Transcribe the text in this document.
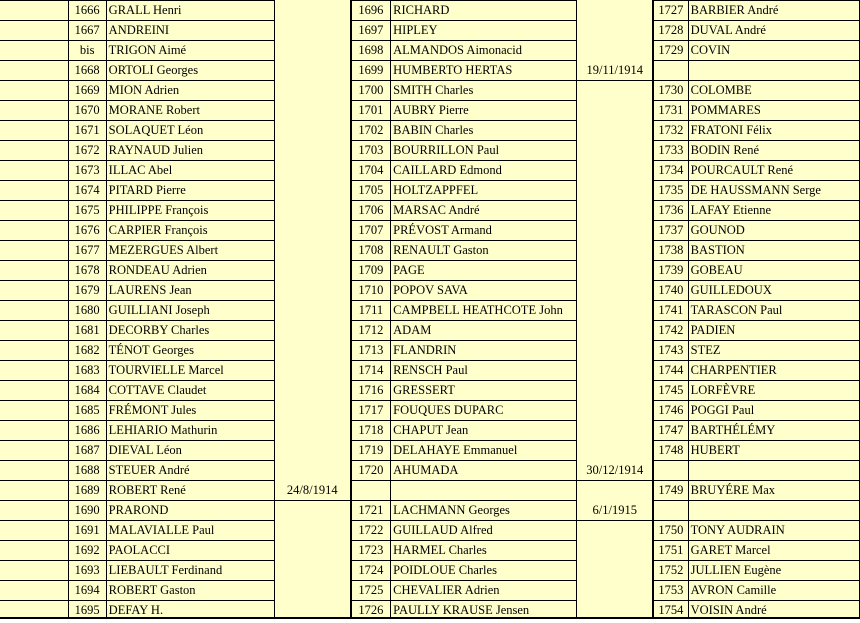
	1666	GRALL Henri		1696	RICHARD		1727	BARBIER André
	1667	ANDREINI		1697	HIPLEY		1728	DUVAL André
	bis	TRIGON Aimé		1698	ALMANDOS Aimonacid		1729	COVIN
	1668	ORTOLI Georges		1699	HUMBERTO HERTAS	19/11/1914		
	1669	MION Adrien		1700	SMITH Charles		1730	COLOMBE
	1670	MORANE Robert		1701	AUBRY Pierre		1731	POMMARES
	1671	SOLAQUET Léon		1702	BABIN Charles		1732	FRATONI Félix
	1672	RAYNAUD Julien		1703	BOURRILLON Paul		1733	BODIN René
	1673	ILLAC Abel		1704	CAILLARD Edmond		1734	POURCAULT René
	1674	PITARD Pierre		1705	HOLTZAPPFEL		1735	DE HAUSSMANN Serge
	1675	PHILIPPE François		1706	MARSAC André		1736	LAFAY Etienne
	1676	CARPIER François		1707	PRÉVOST Armand		1737	GOUNOD
	1677	MEZERGUES Albert		1708	RENAULT Gaston		1738	BASTION
	1678	RONDEAU Adrien		1709	PAGE		1739	GOBEAU
	1679	LAURENS Jean		1710	POPOV SAVA		1740	GUILLEDOUX
	1680	GUILLIANI Joseph		1711	CAMPBELL HEATHCOTE John		1741	TARASCON Paul
	1681	DECORBY Charles		1712	ADAM		1742	PADIEN
	1682	TÉNOT Georges		1713	FLANDRIN		1743	STEZ
	1683	TOURVIELLE Marcel		1714	RENSCH Paul		1744	CHARPENTIER
	1684	COTTAVE Claudet		1716	GRESSERT		1745	LORFÈVRE
	1685	FRÉMONT Jules		1717	FOUQUES DUPARC		1746	POGGI Paul
	1686	LEHIARIO Mathurin		1718	CHAPUT Jean		1747	BARTHÉLÉMY
	1687	DIEVAL Léon		1719	DELAHAYE Emmanuel		1748	HUBERT
	1688	STEUER André		1720	AHUMADA	30/12/1914		
	1689	ROBERT René	24/8/1914				1749	BRUYÉRE Max
	1690	PRAROND		1721	LACHMANN Georges	6/1/1915		
	1691	MALAVIALLE Paul		1722	GUILLAUD Alfred		1750	TONY AUDRAIN
	1692	PAOLACCI		1723	HARMEL Charles		1751	GARET Marcel
	1693	LIEBAULT Ferdinand		1724	POIDLOUE Charles		1752	JULLIEN Eugène
	1694	ROBERT Gaston		1725	CHEVALIER Adrien		1753	AVRON Camille
	1695	DEFAY H.		1726	PAULLY KRAUSE Jensen		1754	VOISIN André
